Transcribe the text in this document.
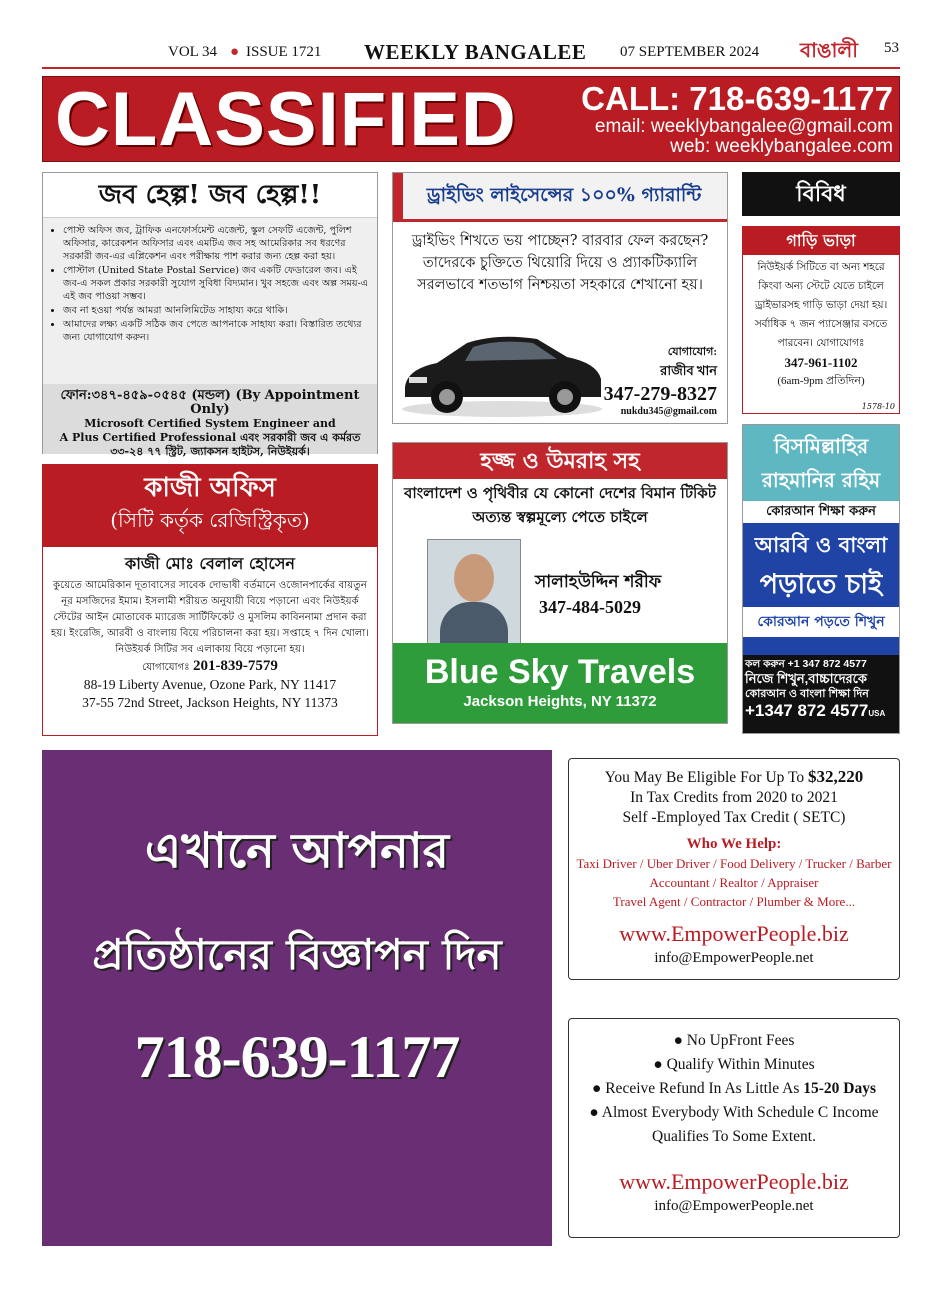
VOL 34 ● ISSUE 1721 WEEKLY BANGALEE 07 SEPTEMBER 2024 বাঙালী 53
CLASSIFIED CALL: 718-639-1177
email: weeklybangalee@gmail.com
web: weeklybangalee.com
জব হেল্প! জব হেল্প!!
• পোস্ট অফিস জব, ট্রাফিক এনফোর্সমেন্ট এজেন্ট, স্কুল সেফটি এজেন্ট, পুলিশ অফিসার, কারেকশন অফিসার এবং এমটিএ জব সহ আমেরিকার সব ধরণের সরকারী জব-এর এপ্লিকেশন এবং পরীক্ষায় পাশ করার জন্য হেল্প করা হয়।
• পোস্টাল (United State Postal Service) জব একটি ফেডারেল জব। এই জব-এ সকল প্রকার সরকারী সুযোগ সুবিধা বিদ্যমান। খুব সহজে এবং অল্প সময়-এ এই জব পাওয়া সম্ভব।
• জব না হওয়া পর্যন্ত আমরা আনলিমিটেড সাহায্য করে থাকি।
• আমাদের লক্ষ্য একটি সঠিক জব পেতে আপনাকে সাহায্য করা। বিস্তারিত তথ্যের জন্য যোগাযোগ করুন।
ফোন:৩৪৭-৪৫৯-০৫৪৫ (মন্ডল) (By Appointment Only)
Microsoft Certified System Engineer and
A Plus Certified Professional এবং সরকারী জব এ কর্মরত
৩৩-২৪ ৭৭ স্ট্রিট, জ্যাকসন হাইটস, নিউইয়র্ক।
ড্রাইভিং লাইসেন্সের ১০০% গ্যারান্টি
ড্রাইভিং শিখতে ভয় পাচ্ছেন? বারবার ফেল করছেন? তাদেরকে চুক্তিতে থিয়োরি দিয়ে ও প্র্যাকটিক্যালি সরলভাবে শতভাগ নিশ্চয়তা সহকারে শেখানো হয়।
যোগাযোগ:
রাজীব খান
347-279-8327
nukdu345@gmail.com
বিবিধ
গাড়ি ভাড়া
নিউইয়র্ক সিটিতে বা অন্য শহরে কিংবা অন্য স্টেটে যেতে চাইলে ড্রাইভারসহ গাড়ি ভাড়া দেয়া হয়। সর্বাধিক ৭ জন প্যাসেঞ্জার বসতে পারবেন। যোগাযোগঃ
347-961-1102
(6am-9pm প্রতিদিন)
1578-10
কাজী অফিস
(সিটি কর্তৃক রেজিস্ট্রিকৃত)
কাজী মোঃ বেলাল হোসেন
কুয়েতে আমেরিকান দূতাবাসের সাবেক দোভাষী বর্তমানে ওজোনপার্কের বায়তুন নূর মসজিদের ইমাম। ইসলামী শরীয়ত অনুযায়ী বিয়ে পড়ানো এবং নিউইয়র্ক স্টেটের আইন মোতাবেক ম্যারেজ সার্টিফিকেট ও মুসলিম কাবিননামা প্রদান করা হয়। ইংরেজি, আরবী ও বাংলায় বিয়ে পরিচালনা করা হয়। সপ্তাহে ৭ দিন খোলা। নিউইয়র্ক সিটির সব এলাকায় বিয়ে পড়ানো হয়।
যোগাযোগঃ 201-839-7579
88-19 Liberty Avenue, Ozone Park, NY 11417
37-55 72nd Street, Jackson Heights, NY 11373
হজ্জ ও উমরাহ সহ
বাংলাদেশ ও পৃথিবীর যে কোনো দেশের বিমান টিকিট অত্যন্ত স্বল্পমূল্যে পেতে চাইলে
সালাহউদ্দিন শরীফ
347-484-5029
Blue Sky Travels
Jackson Heights, NY 11372
বিসমিল্লাহির রাহমানির রহিম
কোরআন শিক্ষা করুন
আরবি ও বাংলা
পড়াতে চাই
কোরআন পড়তে শিখুন
কল করুন +1 347 872 4577
নিজে শিখুন,বাচ্চাদেরকে
কোরআন ও বাংলা শিক্ষা দিন
+1347 872 4577USA
এখানে আপনার
প্রতিষ্ঠানের বিজ্ঞাপন দিন
718-639-1177
You May Be Eligible For Up To $32,220
In Tax Credits from 2020 to 2021
Self -Employed Tax Credit ( SETC)
Who We Help:
Taxi Driver / Uber Driver / Food Delivery / Trucker / Barber
Accountant / Realtor / Appraiser
Travel Agent / Contractor / Plumber & More...
www.EmpowerPeople.biz
info@EmpowerPeople.net
● No UpFront Fees
● Qualify Within Minutes
● Receive Refund In As Little As 15-20 Days
● Almost Everybody With Schedule C Income
Qualifies To Some Extent.
www.EmpowerPeople.biz
info@EmpowerPeople.net
